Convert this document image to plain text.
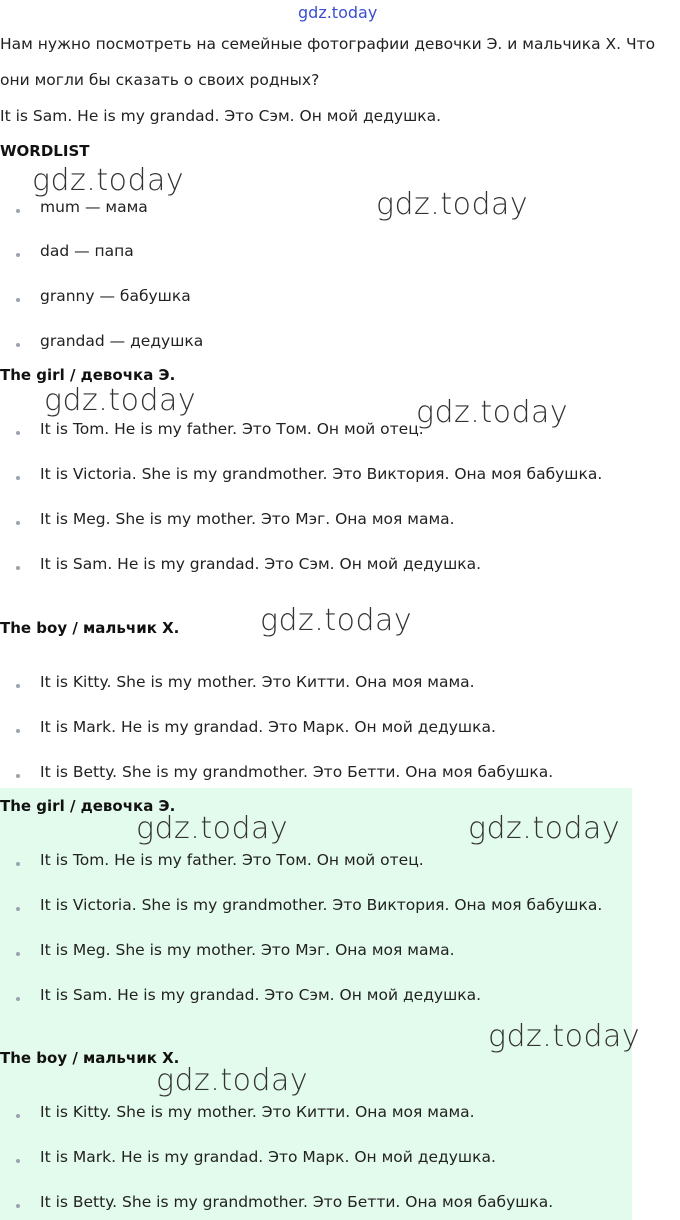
gdz.today
Нам нужно посмотреть на семейные фотографии девочки Э. и мальчика Х. Что
они могли бы сказать о своих родных?
It is Sam. He is my grandad. Это Сэм. Он мой дедушка.
WORDLIST
mum — мама
dad — папа
granny — бабушка
grandad — дедушка
The girl / девочка Э.
It is Tom. He is my father. Это Том. Он мой отец.
It is Victoria. She is my grandmother. Это Виктория. Она моя бабушка.
It is Meg. She is my mother. Это Мэг. Она моя мама.
It is Sam. He is my grandad. Это Сэм. Он мой дедушка.
The boy / мальчик Х.
It is Kitty. She is my mother. Это Китти. Она моя мама.
It is Mark. He is my grandad. Это Марк. Он мой дедушка.
It is Betty. She is my grandmother. Это Бетти. Она моя бабушка.
The girl / девочка Э.
It is Tom. He is my father. Это Том. Он мой отец.
It is Victoria. She is my grandmother. Это Виктория. Она моя бабушка.
It is Meg. She is my mother. Это Мэг. Она моя мама.
It is Sam. He is my grandad. Это Сэм. Он мой дедушка.
The boy / мальчик Х.
It is Kitty. She is my mother. Это Китти. Она моя мама.
It is Mark. He is my grandad. Это Марк. Он мой дедушка.
It is Betty. She is my grandmother. Это Бетти. Она моя бабушка.
gdz.today
gdz.today
gdz.today	gdz.today
gdz.today
gdz.today	gdz.today
gdz.today
gdz.today
